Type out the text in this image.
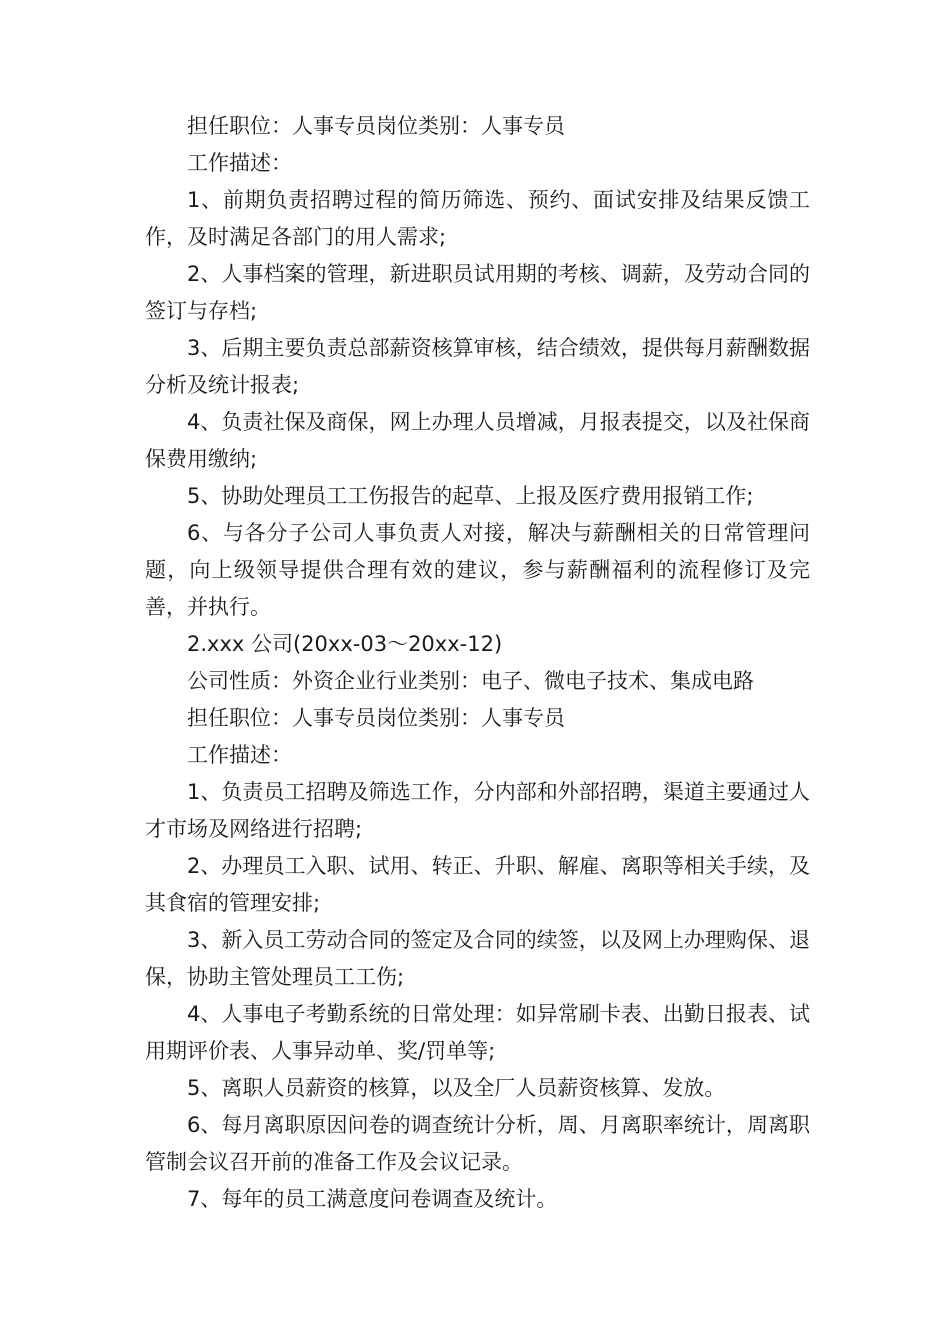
担任职位：人事专员岗位类别：人事专员

工作描述：

1、前期负责招聘过程的简历筛选、预约、面试安排及结果反馈工作，及时满足各部门的用人需求;

2、人事档案的管理，新进职员试用期的考核、调薪，及劳动合同的签订与存档;

3、后期主要负责总部薪资核算审核，结合绩效，提供每月薪酬数据分析及统计报表;

4、负责社保及商保，网上办理人员增减，月报表提交，以及社保商保费用缴纳;

5、协助处理员工工伤报告的起草、上报及医疗费用报销工作;

6、与各分子公司人事负责人对接，解决与薪酬相关的日常管理问题，向上级领导提供合理有效的建议，参与薪酬福利的流程修订及完善，并执行。

2.xxx 公司(20xx-03～20xx-12)

公司性质：外资企业行业类别：电子、微电子技术、集成电路

担任职位：人事专员岗位类别：人事专员

工作描述：

1、负责员工招聘及筛选工作，分内部和外部招聘，渠道主要通过人才市场及网络进行招聘;

2、办理员工入职、试用、转正、升职、解雇、离职等相关手续，及其食宿的管理安排;

3、新入员工劳动合同的签定及合同的续签，以及网上办理购保、退保，协助主管处理员工工伤;

4、人事电子考勤系统的日常处理：如异常刷卡表、出勤日报表、试用期评价表、人事异动单、奖/罚单等;

5、离职人员薪资的核算，以及全厂人员薪资核算、发放。

6、每月离职原因问卷的调查统计分析，周、月离职率统计，周离职管制会议召开前的准备工作及会议记录。

7、每年的员工满意度问卷调查及统计。
